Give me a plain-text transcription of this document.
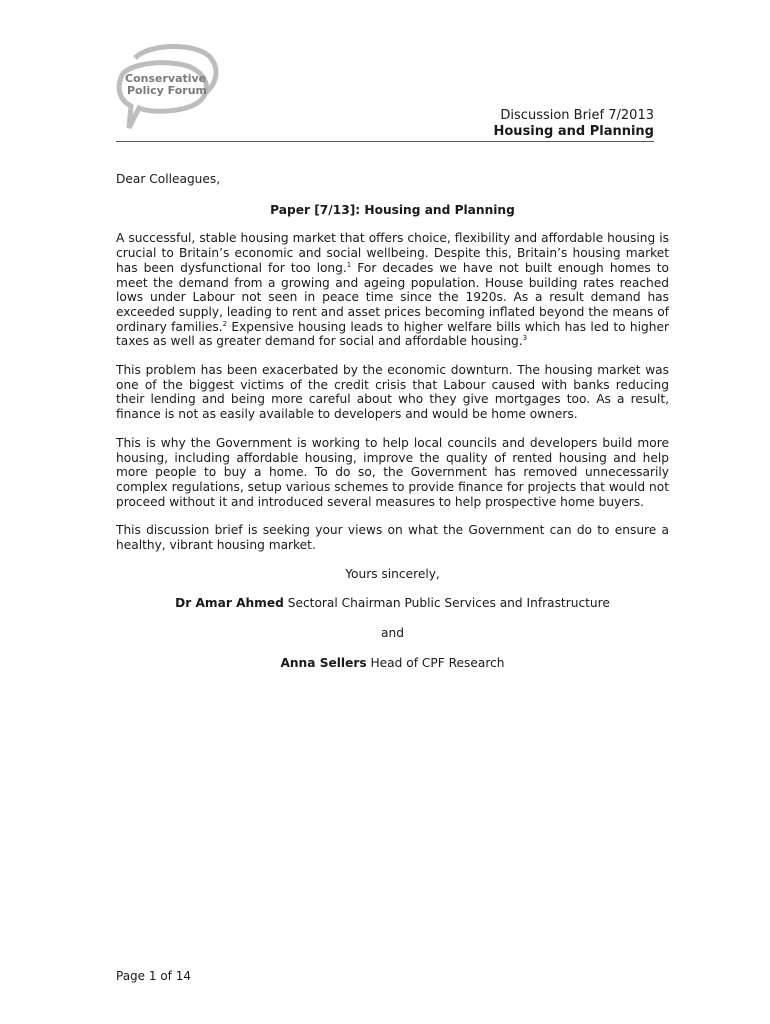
Conservative
Policy Forum
Discussion Brief 7/2013
Housing and Planning

Dear Colleagues,

Paper [7/13]: Housing and Planning

A successful, stable housing market that offers choice, flexibility and affordable housing is crucial to Britain’s economic and social wellbeing. Despite this, Britain’s housing market has been dysfunctional for too long.$^1$ For decades we have not built enough homes to meet the demand from a growing and ageing population. House building rates reached lows under Labour not seen in peace time since the 1920s. As a result demand has exceeded supply, leading to rent and asset prices becoming inflated beyond the means of ordinary families.$^2$ Expensive housing leads to higher welfare bills which has led to higher taxes as well as greater demand for social and affordable housing.$^3$

This problem has been exacerbated by the economic downturn. The housing market was one of the biggest victims of the credit crisis that Labour caused with banks reducing their lending and being more careful about who they give mortgages too. As a result, finance is not as easily available to developers and would be home owners.

This is why the Government is working to help local councils and developers build more housing, including affordable housing, improve the quality of rented housing and help more people to buy a home. To do so, the Government has removed unnecessarily complex regulations, setup various schemes to provide finance for projects that would not proceed without it and introduced several measures to help prospective home buyers.

This discussion brief is seeking your views on what the Government can do to ensure a healthy, vibrant housing market.

Yours sincerely,

Dr Amar Ahmed Sectoral Chairman Public Services and Infrastructure

and

Anna Sellers Head of CPF Research

Page 1 of 14
